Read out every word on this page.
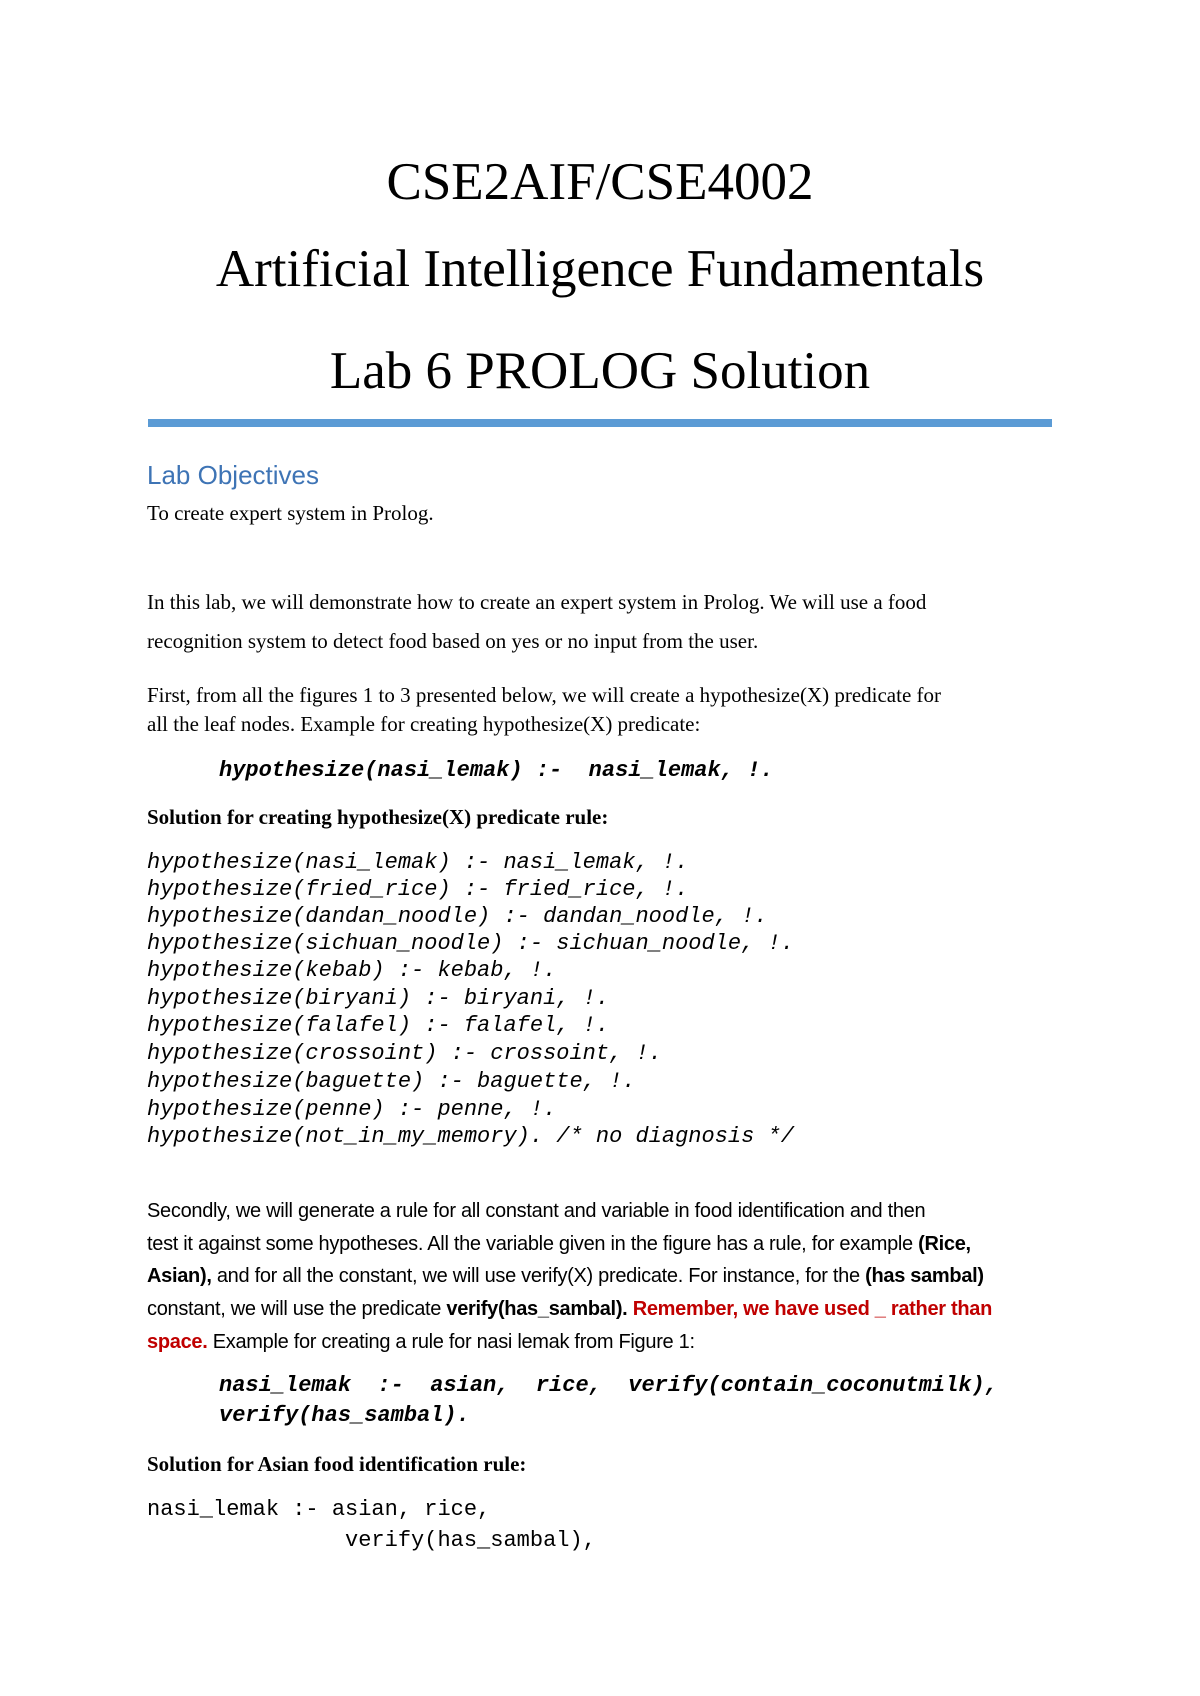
CSE2AIF/CSE4002
Artificial Intelligence Fundamentals
Lab 6 PROLOG Solution
Lab Objectives
To create expert system in Prolog.
In this lab, we will demonstrate how to create an expert system in Prolog. We will use a food
recognition system to detect food based on yes or no input from the user.
First, from all the figures 1 to 3 presented below, we will create a hypothesize(X) predicate for
all the leaf nodes. Example for creating hypothesize(X) predicate:
hypothesize(nasi_lemak) :-  nasi_lemak, !.
Solution for creating hypothesize(X) predicate rule:
hypothesize(nasi_lemak) :- nasi_lemak, !.
hypothesize(fried_rice) :- fried_rice, !.
hypothesize(dandan_noodle) :- dandan_noodle, !.
hypothesize(sichuan_noodle) :- sichuan_noodle, !.
hypothesize(kebab) :- kebab, !.
hypothesize(biryani) :- biryani, !.
hypothesize(falafel) :- falafel, !.
hypothesize(crossoint) :- crossoint, !.
hypothesize(baguette) :- baguette, !.
hypothesize(penne) :- penne, !.
hypothesize(not_in_my_memory). /* no diagnosis */
Secondly, we will generate a rule for all constant and variable in food identification and then
test it against some hypotheses. All the variable given in the figure has a rule, for example (Rice,
Asian), and for all the constant, we will use verify(X) predicate. For instance, for the (has sambal)
constant, we will use the predicate verify(has_sambal). Remember, we have used _ rather than
space. Example for creating a rule for nasi lemak from Figure 1:
nasi_lemak  :-  asian,  rice,  verify(contain_coconutmilk),
verify(has_sambal).
Solution for Asian food identification rule:
nasi_lemak :- asian, rice,
verify(has_sambal),
